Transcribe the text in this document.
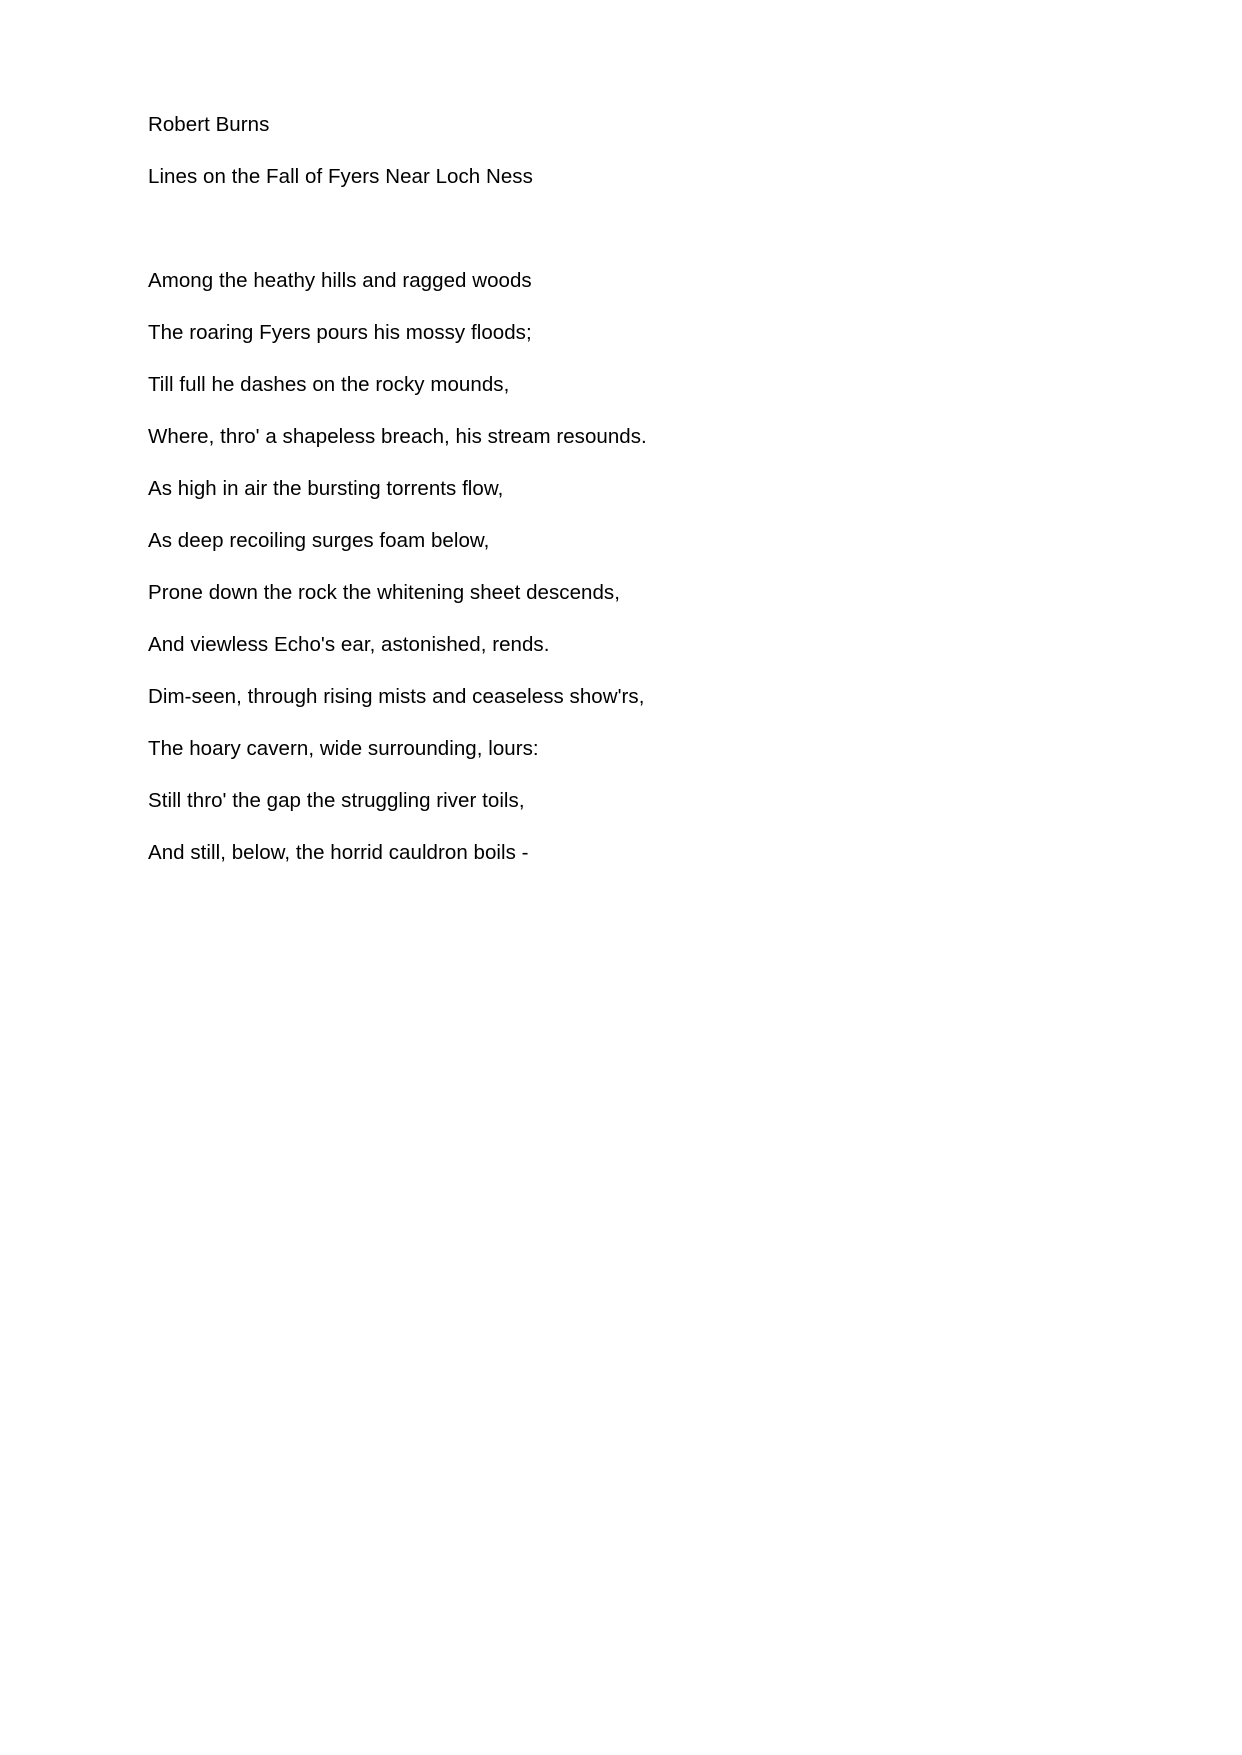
Robert Burns

Lines on the Fall of Fyers Near Loch Ness

Among the heathy hills and ragged woods

The roaring Fyers pours his mossy floods;

Till full he dashes on the rocky mounds,

Where, thro' a shapeless breach, his stream resounds.

As high in air the bursting torrents flow,

As deep recoiling surges foam below,

Prone down the rock the whitening sheet descends,

And viewless Echo's ear, astonished, rends.

Dim-seen, through rising mists and ceaseless show'rs,

The hoary cavern, wide surrounding, lours:

Still thro' the gap the struggling river toils,

And still, below, the horrid cauldron boils -
